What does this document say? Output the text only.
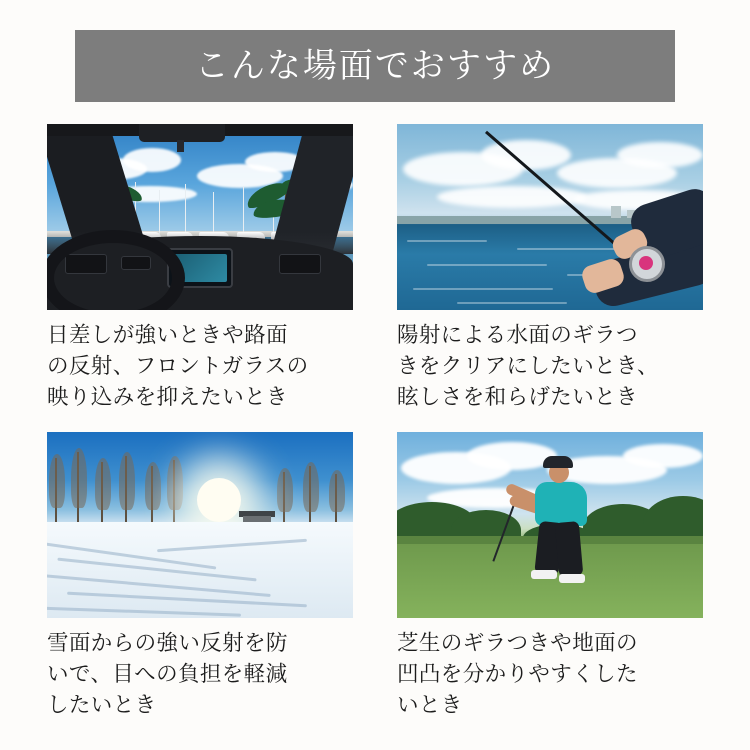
こんな場面でおすすめ
日差しが強いときや路面
の反射、フロントガラスの
映り込みを抑えたいとき
陽射による水面のギラつ
きをクリアにしたいとき、
眩しさを和らげたいとき
雪面からの強い反射を防
いで、目への負担を軽減
したいとき
芝生のギラつきや地面の
凹凸を分かりやすくした
いとき
